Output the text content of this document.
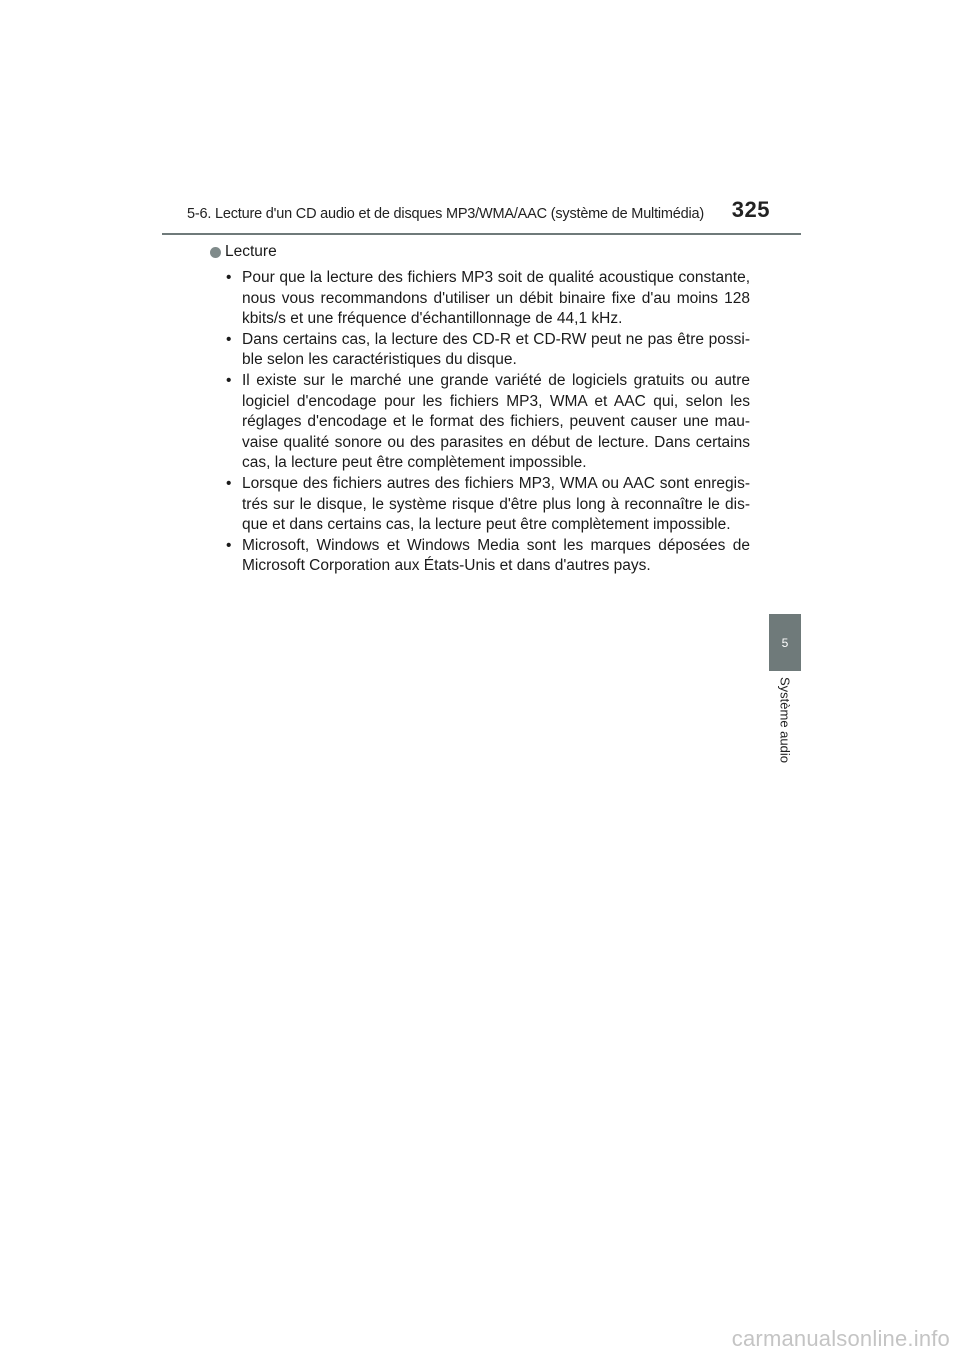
5-6. Lecture d'un CD audio et de disques MP3/WMA/AAC (système de Multimédia) 325
Lecture
• Pour que la lecture des fichiers MP3 soit de qualité acoustique constante, nous vous recommandons d'utiliser un débit binaire fixe d'au moins 128 kbits/s et une fréquence d'échantillonnage de 44,1 kHz.
• Dans certains cas, la lecture des CD-R et CD-RW peut ne pas être possi-ble selon les caractéristiques du disque.
• Il existe sur le marché une grande variété de logiciels gratuits ou autre logiciel d'encodage pour les fichiers MP3, WMA et AAC qui, selon les réglages d'encodage et le format des fichiers, peuvent causer une mau-vaise qualité sonore ou des parasites en début de lecture. Dans certains cas, la lecture peut être complètement impossible.
• Lorsque des fichiers autres des fichiers MP3, WMA ou AAC sont enregis-trés sur le disque, le système risque d'être plus long à reconnaître le dis-que et dans certains cas, la lecture peut être complètement impossible.
• Microsoft, Windows et Windows Media sont les marques déposées de Microsoft Corporation aux États-Unis et dans d'autres pays.
5
Système audio
carmanualsonline.info
